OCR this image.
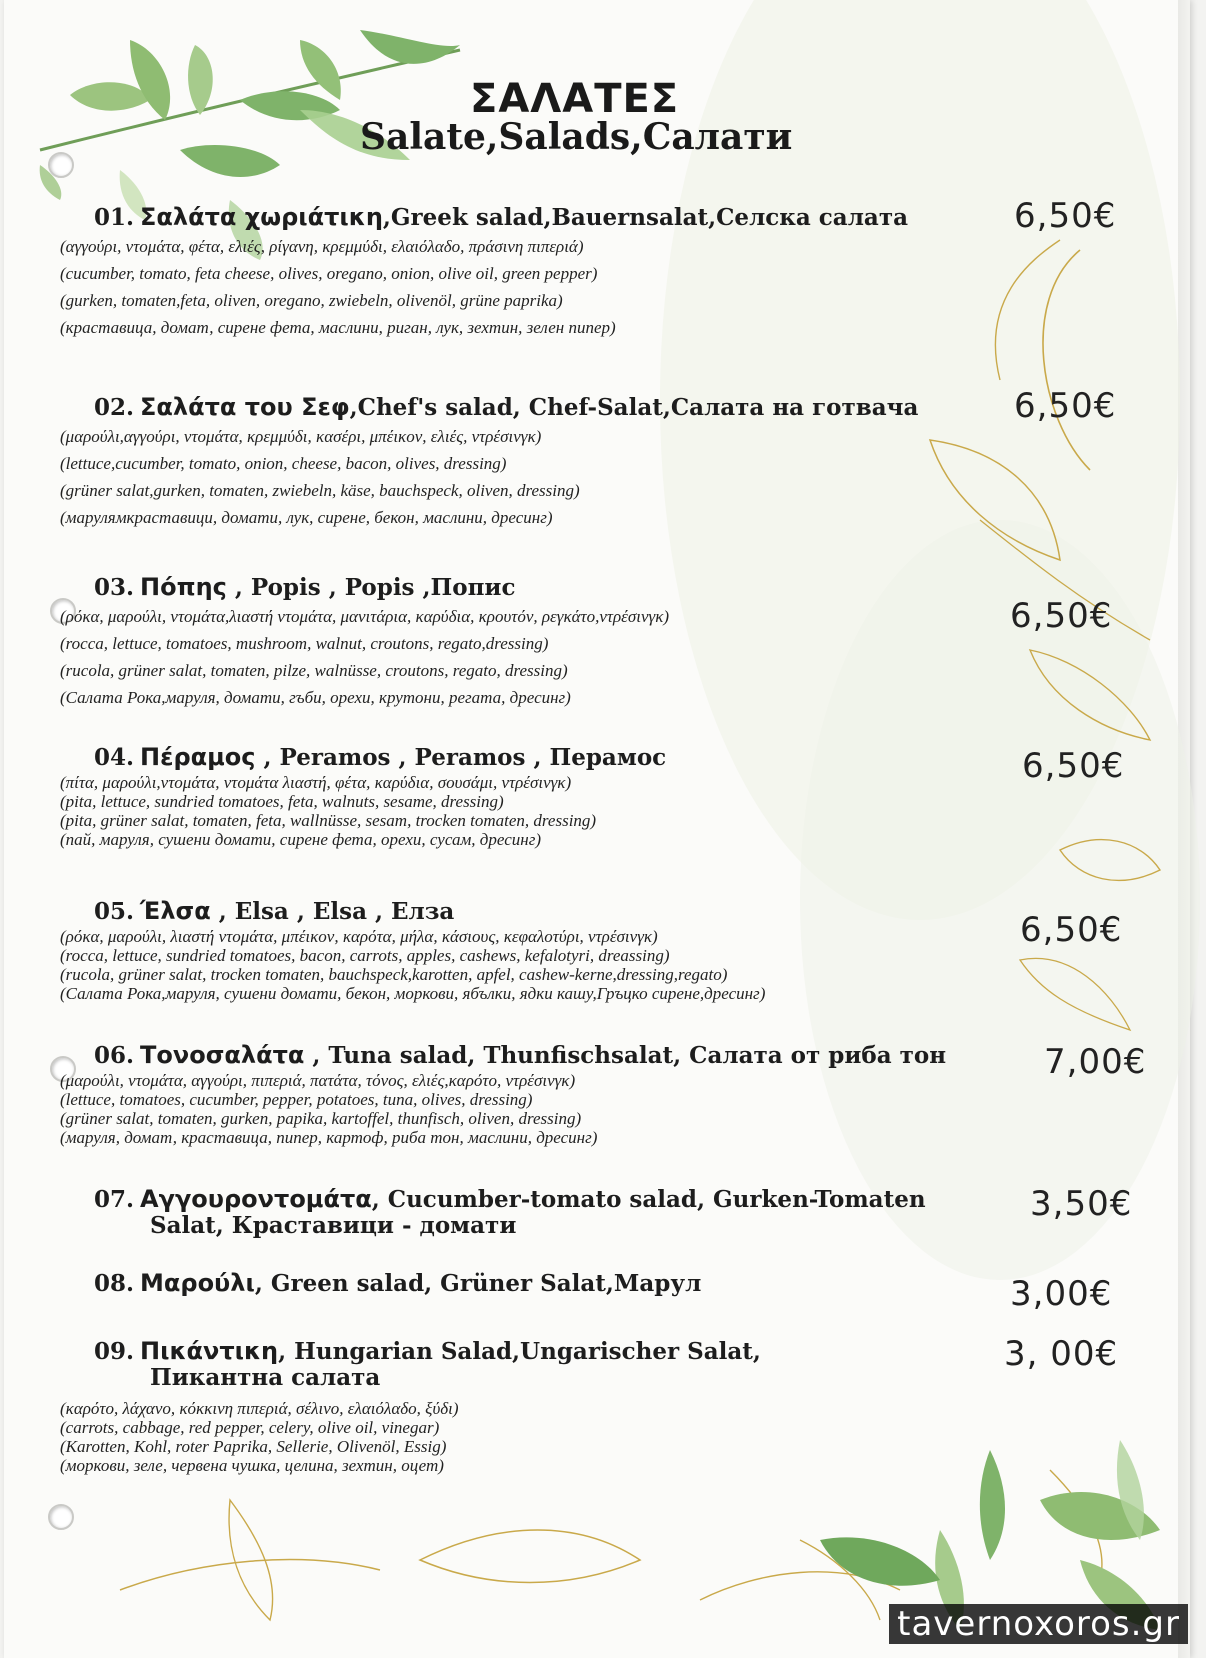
ΣΑΛΑΤΕΣ
Salate,Salads,Салати
01. Σαλάτα χωριάτικη,Greek salad,Bauernsalat,Селска салата
(αγγούρι, ντομάτα, φέτα, ελιές, ρίγανη, κρεμμύδι, ελαιόλαδο, πράσινη πιπεριά)
(cucumber, tomato, feta cheese, olives, oregano, onion, olive oil, green pepper)
(gurken, tomaten,feta, oliven, oregano, zwiebeln, olivenöl, grüne paprika)
(краставица, домат, сирене фета, маслини, риган, лук, зехтин, зелен пипер)
6,50€
02. Σαλάτα του Σεφ,Chef's salad, Chef-Salat,Салата на готвача
(μαρούλι,αγγούρι, ντομάτα, κρεμμύδι, κασέρι, μπέικον, ελιές, ντρέσινγκ)
(lettuce,cucumber, tomato, onion, cheese, bacon, olives, dressing)
(grüner salat,gurken, tomaten, zwiebeln, käse, bauchspeck, oliven, dressing)
(марулямкраставици, домати, лук, сирене, бекон, маслини, дресинг)
6,50€
03. Πόπης , Popis , Popis ,Попис
(ρόκα, μαρούλι, ντομάτα,λιαστή ντομάτα, μανιτάρια, καρύδια, κρουτόν, ρεγκάτο,ντρέσινγκ)
(rocca, lettuce, tomatoes, mushroom, walnut, croutons, regato,dressing)
(rucola, grüner salat, tomaten, pilze, walnüsse, croutons, regato, dressing)
(Салата Рока,маруля, домати, гъби, орехи, крутони, регата, дресинг)
6,50€
04. Πέραμος , Peramos , Peramos , Перамос
(πίτα, μαρούλι,ντομάτα, ντομάτα λιαστή, φέτα, καρύδια, σουσάμι, ντρέσινγκ)
(pita, lettuce, sundried tomatoes, feta, walnuts, sesame, dressing)
(pita, grüner salat, tomaten, feta, wallnüsse, sesam, trocken tomaten, dressing)
(пай, маруля, сушени домати, сирене фета, орехи, сусам, дресинг)
6,50€
05. Έλσα , Elsa , Elsa , Елза
(ρόκα, μαρούλι, λιαστή ντομάτα, μπέικον, καρότα, μήλα, κάσιους, κεφαλοτύρι, ντρέσινγκ)
(rocca, lettuce, sundried tomatoes, bacon, carrots, apples, cashews, kefalotyri, dreassing)
(rucola, grüner salat, trocken tomaten, bauchspeck,karotten, apfel, cashew-kerne,dressing,regato)
(Салата Рока,маруля, сушени домати, бекон, моркови, ябълки, ядки кашу,Гръцко сирене,дресинг)
6,50€
06. Τονοσαλάτα , Tuna salad, Thunfischsalat, Салата от риба тон
(μαρούλι, ντομάτα, αγγούρι, πιπεριά, πατάτα, τόνος, ελιές,καρότο, ντρέσινγκ)
(lettuce, tomatoes, cucumber, pepper, potatoes, tuna, olives, dressing)
(grüner salat, tomaten, gurken, papika, kartoffel, thunfisch, oliven, dressing)
(маруля, домат, краставица, пипер, картоф, риба тон, маслини, дресинг)
7,00€
07. Αγγουροντομάτα, Cucumber-tomato salad, Gurken-Tomaten
Salat, Краставици - домати
3,50€
08. Μαρούλι, Green salad, Grüner Salat,Марул	3,00€
09. Πικάντικη, Hungarian Salad,Ungarischer Salat,
Пикантна салата
(καρότο, λάχανο, κόκκινη πιπεριά, σέλινο, ελαιόλαδο, ξύδι)
(carrots, cabbage, red pepper, celery, olive oil, vinegar)
(Karotten, Kohl, roter Paprika, Sellerie, Olivenöl, Essig)
(моркови, зеле, червена чушка, целина, зехтин, оцет)
3, 00€
tavernoxoros.gr
